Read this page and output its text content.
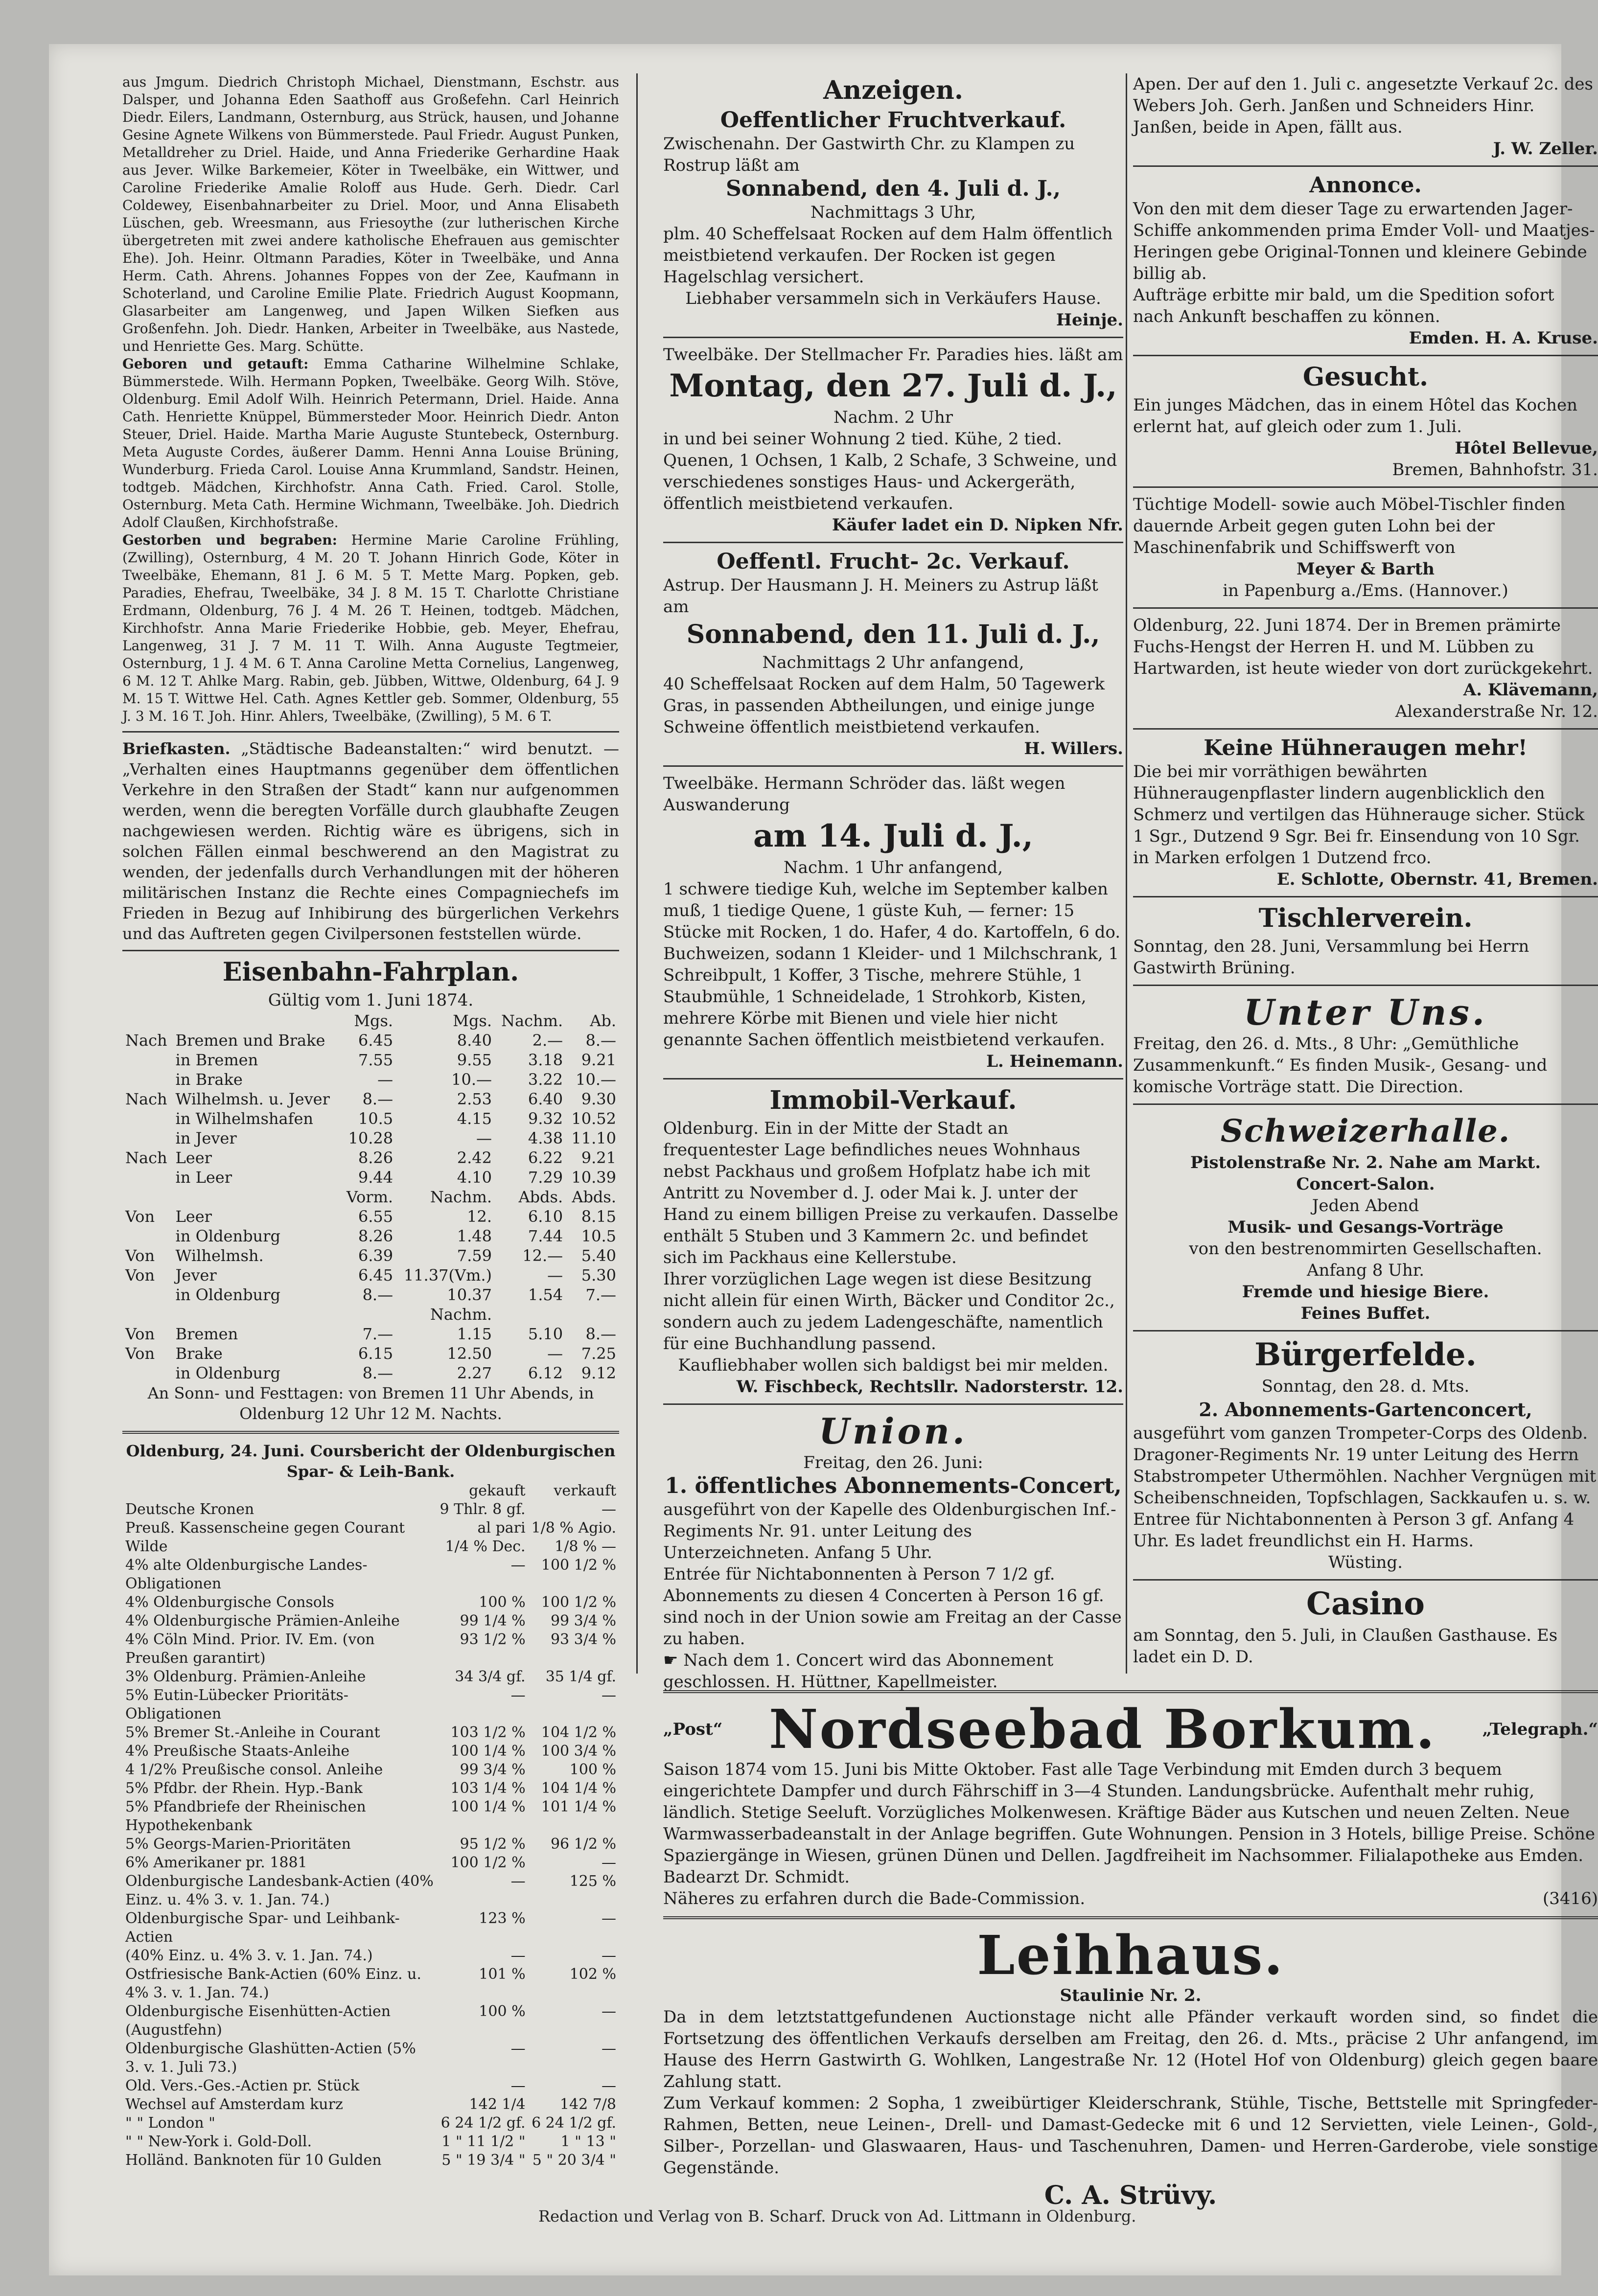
aus Jmgum. Diedrich Christoph Michael, Dienstmann, Eschstr. aus Dalsper, und Johanna Eden Saathoff aus Großefehn. Carl Heinrich Diedr. Eilers, Landmann, Osternburg, aus Strück, hausen, und Johanne Gesine Agnete Wilkens von Bümmerstede. Paul Friedr. August Punken, Metalldreher zu Driel. Haide, und Anna Friederike Gerhardine Haak aus Jever. Wilke Barkemeier, Köter in Tweelbäke, ein Wittwer, und Caroline Friederike Amalie Roloff aus Hude. Gerh. Diedr. Carl Coldewey, Eisenbahnarbeiter zu Driel. Moor, und Anna Elisabeth Lüschen, geb. Wreesmann, aus Friesoythe (zur lutherischen Kirche übergetreten mit zwei andere katholische Ehefrauen aus gemischter Ehe). Joh. Heinr. Oltmann Paradies, Köter in Tweelbäke, und Anna Herm. Cath. Ahrens. Johannes Foppes von der Zee, Kaufmann in Schoterland, und Caroline Emilie Plate. Friedrich August Koopmann, Glasarbeiter am Langenweg, und Japen Wilken Siefken aus Großenfehn. Joh. Diedr. Hanken, Arbeiter in Tweelbäke, aus Nastede, und Henriette Ges. Marg. Schütte.

Geboren und getauft: Emma Catharine Wilhelmine Schlake, Bümmerstede. Wilh. Hermann Popken, Tweelbäke. Georg Wilh. Stöve, Oldenburg. Emil Adolf Wilh. Heinrich Petermann, Driel. Haide. Anna Cath. Henriette Knüppel, Bümmersteder Moor. Heinrich Diedr. Anton Steuer, Driel. Haide. Martha Marie Auguste Stuntebeck, Osternburg. Meta Auguste Cordes, äußerer Damm. Henni Anna Louise Brüning, Wunderburg. Frieda Carol. Louise Anna Krummland, Sandstr. Heinen, todtgeb. Mädchen, Kirchhofstr. Anna Cath. Fried. Carol. Stolle, Osternburg. Meta Cath. Hermine Wichmann, Tweelbäke. Joh. Diedrich Adolf Claußen, Kirchhofstraße.

Gestorben und begraben: Hermine Marie Caroline Frühling, (Zwilling), Osternburg, 4 M. 20 T. Johann Hinrich Gode, Köter in Tweelbäke, Ehemann, 81 J. 6 M. 5 T. Mette Marg. Popken, geb. Paradies, Ehefrau, Tweelbäke, 34 J. 8 M. 15 T. Charlotte Christiane Erdmann, Oldenburg, 76 J. 4 M. 26 T. Heinen, todtgeb. Mädchen, Kirchhofstr. Anna Marie Friederike Hobbie, geb. Meyer, Ehefrau, Langenweg, 31 J. 7 M. 11 T. Wilh. Anna Auguste Tegtmeier, Osternburg, 1 J. 4 M. 6 T. Anna Caroline Metta Cornelius, Langenweg, 6 M. 12 T. Ahlke Marg. Rabin, geb. Jübben, Wittwe, Oldenburg, 64 J. 9 M. 15 T. Wittwe Hel. Cath. Agnes Kettler geb. Sommer, Oldenburg, 55 J. 3 M. 16 T. Joh. Hinr. Ahlers, Tweelbäke, (Zwilling), 5 M. 6 T.

Briefkasten. „Städtische Badeanstalten:“ wird benutzt. — „Verhalten eines Hauptmanns gegenüber dem öffentlichen Verkehre in den Straßen der Stadt“ kann nur aufgenommen werden, wenn die beregten Vorfälle durch glaubhafte Zeugen nachgewiesen werden. Richtig wäre es übrigens, sich in solchen Fällen einmal beschwerend an den Magistrat zu wenden, der jedenfalls durch Verhandlungen mit der höheren militärischen Instanz die Rechte eines Compagniechefs im Frieden in Bezug auf Inhibirung des bürgerlichen Verkehrs und das Auftreten gegen Civilpersonen feststellen würde.

Eisenbahn-Fahrplan.
Gültig vom 1. Juni 1874.
		Mgs.	Mgs.	Nachm.	Ab.
Nach	Bremen und Brake	6.45	8.40	2.—	8.—
	in Bremen	7.55	9.55	3.18	9.21
	in Brake	—	10.—	3.22	10.—
Nach	Wilhelmsh. u. Jever	8.—	2.53	6.40	9.30
	in Wilhelmshafen	10.5	4.15	9.32	10.52
	in Jever	10.28	—	4.38	11.10
Nach	Leer	8.26	2.42	6.22	9.21
	in Leer	9.44	4.10	7.29	10.39
		Vorm.	Nachm.	Abds.	Abds.
Von	Leer	6.55	12.	6.10	8.15
	in Oldenburg	8.26	1.48	7.44	10.5
Von	Wilhelmsh.	6.39	7.59	12.—	5.40
Von	Jever	6.45	11.37(Vm.)	—	5.30
	in Oldenburg	8.—	10.37	1.54	7.—
			Nachm.		
Von	Bremen	7.—	1.15	5.10	8.—
Von	Brake	6.15	12.50	—	7.25
	in Oldenburg	8.—	2.27	6.12	9.12

An Sonn- und Festtagen: von Bremen 11 Uhr Abends, in Oldenburg 12 Uhr 12 M. Nachts.

Oldenburg, 24. Juni. Coursbericht der Oldenburgischen Spar- & Leih-Bank.

	gekauft	verkauft
Deutsche Kronen	9 Thlr. 8 gf.	—
Preuß. Kassenscheine gegen Courant	al pari	1/8 % Agio.
Wilde	1/4 % Dec.	1/8 % —
4% alte Oldenburgische Landes-Obligationen	—	100 1/2 %
4% Oldenburgische Consols	100 %	100 1/2 %
4% Oldenburgische Prämien-Anleihe	99 1/4 %	99 3/4 %
4% Cöln Mind. Prior. IV. Em. (von Preußen garantirt)	93 1/2 %	93 3/4 %
3% Oldenburg. Prämien-Anleihe	34 3/4 gf.	35 1/4 gf.
5% Eutin-Lübecker Prioritäts-Obligationen	—	—
5% Bremer St.-Anleihe in Courant	103 1/2 %	104 1/2 %
4% Preußische Staats-Anleihe	100 1/4 %	100 3/4 %
4 1/2% Preußische consol. Anleihe	99 3/4 %	100 %
5% Pfdbr. der Rhein. Hyp.-Bank	103 1/4 %	104 1/4 %
5% Pfandbriefe der Rheinischen Hypothekenbank	100 1/4 %	101 1/4 %
5% Georgs-Marien-Prioritäten	95 1/2 %	96 1/2 %
6% Amerikaner pr. 1881	100 1/2 %	—
Oldenburgische Landesbank-Actien (40% Einz. u. 4% 3. v. 1. Jan. 74.)	—	125 %
Oldenburgische Spar- und Leihbank-Actien	123 %	—
(40% Einz. u. 4% 3. v. 1. Jan. 74.)	—	—
Ostfriesische Bank-Actien (60% Einz. u. 4% 3. v. 1. Jan. 74.)	101 %	102 %
Oldenburgische Eisenhütten-Actien (Augustfehn)	100 %	—
Oldenburgische Glashütten-Actien (5% 3. v. 1. Juli 73.)	—	—
Old. Vers.-Ges.-Actien pr. Stück	—	—
Wechsel auf Amsterdam kurz	142 1/4	142 7/8
" " London "	6 24 1/2 gf.	6 24 1/2 gf.
" " New-York i. Gold-Doll.	1 " 11 1/2 "	1 " 13 "
Holländ. Banknoten für 10 Gulden	5 " 19 3/4 "	5 " 20 3/4 "
Anzeigen.
Oeffentlicher Fruchtverkauf.

Zwischenahn. Der Gastwirth Chr. zu Klampen zu Rostrup läßt am

Sonnabend, den 4. Juli d. J.,

Nachmittags 3 Uhr,

plm. 40 Scheffelsaat Rocken auf dem Halm öffentlich meistbietend verkaufen. Der Rocken ist gegen Hagelschlag versichert.

Liebhaber versammeln sich in Verkäufers Hause.

Heinje.

Tweelbäke. Der Stellmacher Fr. Paradies hies. läßt am

Montag, den 27. Juli d. J.,

Nachm. 2 Uhr

in und bei seiner Wohnung 2 tied. Kühe, 2 tied. Quenen, 1 Ochsen, 1 Kalb, 2 Schafe, 3 Schweine, und verschiedenes sonstiges Haus- und Ackergeräth, öffentlich meistbietend verkaufen.

Käufer ladet ein D. Nipken Nfr.

Oeffentl. Frucht- 2c. Verkauf.

Astrup. Der Hausmann J. H. Meiners zu Astrup läßt am

Sonnabend, den 11. Juli d. J.,

Nachmittags 2 Uhr anfangend,

40 Scheffelsaat Rocken auf dem Halm, 50 Tagewerk Gras, in passenden Abtheilungen, und einige junge Schweine öffentlich meistbietend verkaufen.

H. Willers.

Tweelbäke. Hermann Schröder das. läßt wegen Auswanderung

am 14. Juli d. J.,

Nachm. 1 Uhr anfangend,

1 schwere tiedige Kuh, welche im September kalben muß, 1 tiedige Quene, 1 güste Kuh, — ferner: 15 Stücke mit Rocken, 1 do. Hafer, 4 do. Kartoffeln, 6 do. Buchweizen, sodann 1 Kleider- und 1 Milchschrank, 1 Schreibpult, 1 Koffer, 3 Tische, mehrere Stühle, 1 Staubmühle, 1 Schneidelade, 1 Strohkorb, Kisten, mehrere Körbe mit Bienen und viele hier nicht genannte Sachen öffentlich meistbietend verkaufen.

L. Heinemann.

Immobil-Verkauf.

Oldenburg. Ein in der Mitte der Stadt an frequentester Lage befindliches neues Wohnhaus nebst Packhaus und großem Hofplatz habe ich mit Antritt zu November d. J. oder Mai k. J. unter der Hand zu einem billigen Preise zu verkaufen. Dasselbe enthält 5 Stuben und 3 Kammern 2c. und befindet sich im Packhaus eine Kellerstube.

Ihrer vorzüglichen Lage wegen ist diese Besitzung nicht allein für einen Wirth, Bäcker und Conditor 2c., sondern auch zu jedem Ladengeschäfte, namentlich für eine Buchhandlung passend.

Kaufliebhaber wollen sich baldigst bei mir melden.

W. Fischbeck, Rechtsllr. Nadorsterstr. 12.

Union.

Freitag, den 26. Juni:

1. öffentliches Abonnements-Concert,

ausgeführt von der Kapelle des Oldenburgischen Inf.-Regiments Nr. 91. unter Leitung des Unterzeichneten. Anfang 5 Uhr.

Entrée für Nichtabonnenten à Person 7 1/2 gf. Abonnements zu diesen 4 Concerten à Person 16 gf. sind noch in der Union sowie am Freitag an der Casse zu haben.

☛ Nach dem 1. Concert wird das Abonnement geschlossen. H. Hüttner, Kapellmeister.

Apen. Der auf den 1. Juli c. angesetzte Verkauf 2c. des Webers Joh. Gerh. Janßen und Schneiders Hinr. Janßen, beide in Apen, fällt aus.

J. W. Zeller.

Annonce.

Von den mit dem dieser Tage zu erwartenden Jager-Schiffe ankommenden prima Emder Voll- und Maatjes-Heringen gebe Original-Tonnen und kleinere Gebinde billig ab.

Aufträge erbitte mir bald, um die Spedition sofort nach Ankunft beschaffen zu können.

Emden. H. A. Kruse.

Gesucht.

Ein junges Mädchen, das in einem Hôtel das Kochen erlernt hat, auf gleich oder zum 1. Juli.

Hôtel Bellevue,

Bremen, Bahnhofstr. 31.

Tüchtige Modell- sowie auch Möbel-Tischler finden dauernde Arbeit gegen guten Lohn bei der Maschinenfabrik und Schiffswerft von

Meyer & Barth

in Papenburg a./Ems. (Hannover.)

Oldenburg, 22. Juni 1874. Der in Bremen prämirte Fuchs-Hengst der Herren H. und M. Lübben zu Hartwarden, ist heute wieder von dort zurückgekehrt.

A. Klävemann,

Alexanderstraße Nr. 12.

Keine Hühneraugen mehr!

Die bei mir vorräthigen bewährten Hühneraugenpflaster lindern augenblicklich den Schmerz und vertilgen das Hühnerauge sicher. Stück 1 Sgr., Dutzend 9 Sgr. Bei fr. Einsendung von 10 Sgr. in Marken erfolgen 1 Dutzend frco.

E. Schlotte, Obernstr. 41, Bremen.

Tischlerverein.

Sonntag, den 28. Juni, Versammlung bei Herrn Gastwirth Brüning.

Unter Uns.

Freitag, den 26. d. Mts., 8 Uhr: „Gemüthliche Zusammenkunft.“ Es finden Musik-, Gesang- und komische Vorträge statt. Die Direction.

Schweizerhalle.

Pistolenstraße Nr. 2. Nahe am Markt.

Concert-Salon.

Jeden Abend

Musik- und Gesangs-Vorträge

von den bestrenommirten Gesellschaften.

Anfang 8 Uhr.

Fremde und hiesige Biere.

Feines Buffet.

Bürgerfelde.

Sonntag, den 28. d. Mts.

2. Abonnements-Gartenconcert,

ausgeführt vom ganzen Trompeter-Corps des Oldenb. Dragoner-Regiments Nr. 19 unter Leitung des Herrn Stabstrompeter Uthermöhlen. Nachher Vergnügen mit Scheibenschneiden, Topfschlagen, Sackkaufen u. s. w. Entree für Nichtabonnenten à Person 3 gf. Anfang 4 Uhr. Es ladet freundlichst ein H. Harms.

Wüsting.

Casino

am Sonntag, den 5. Juli, in Claußen Gasthause. Es ladet ein D. D.

„Post“ Nordseebad Borkum.	„Telegraph.“

Saison 1874 vom 15. Juni bis Mitte Oktober. Fast alle Tage Verbindung mit Emden durch 3 bequem eingerichtete Dampfer und durch Fährschiff in 3—4 Stunden. Landungsbrücke. Aufenthalt mehr ruhig, ländlich. Stetige Seeluft. Vorzügliches Molkenwesen. Kräftige Bäder aus Kutschen und neuen Zelten. Neue Warmwasserbadeanstalt in der Anlage begriffen. Gute Wohnungen. Pension in 3 Hotels, billige Preise. Schöne Spaziergänge in Wiesen, grünen Dünen und Dellen. Jagdfreiheit im Nachsommer. Filialapotheke aus Emden. Badearzt Dr. Schmidt.

Näheres zu erfahren durch die Bade-Commission.	(3416)
Leihhaus.

Staulinie Nr. 2.

Da in dem letztstattgefundenen Auctionstage nicht alle Pfänder verkauft worden sind, so findet die Fortsetzung des öffentlichen Verkaufs derselben am Freitag, den 26. d. Mts., präcise 2 Uhr anfangend, im Hause des Herrn Gastwirth G. Wohlken, Langestraße Nr. 12 (Hotel Hof von Oldenburg) gleich gegen baare Zahlung statt.

Zum Verkauf kommen: 2 Sopha, 1 zweibürtiger Kleiderschrank, Stühle, Tische, Bettstelle mit Springfeder-Rahmen, Betten, neue Leinen-, Drell- und Damast-Gedecke mit 6 und 12 Servietten, viele Leinen-, Gold-, Silber-, Porzellan- und Glaswaaren, Haus- und Taschenuhren, Damen- und Herren-Garderobe, viele sonstige Gegenstände.

C. A. Strüvy.

Redaction und Verlag von B. Scharf. Druck von Ad. Littmann in Oldenburg.
